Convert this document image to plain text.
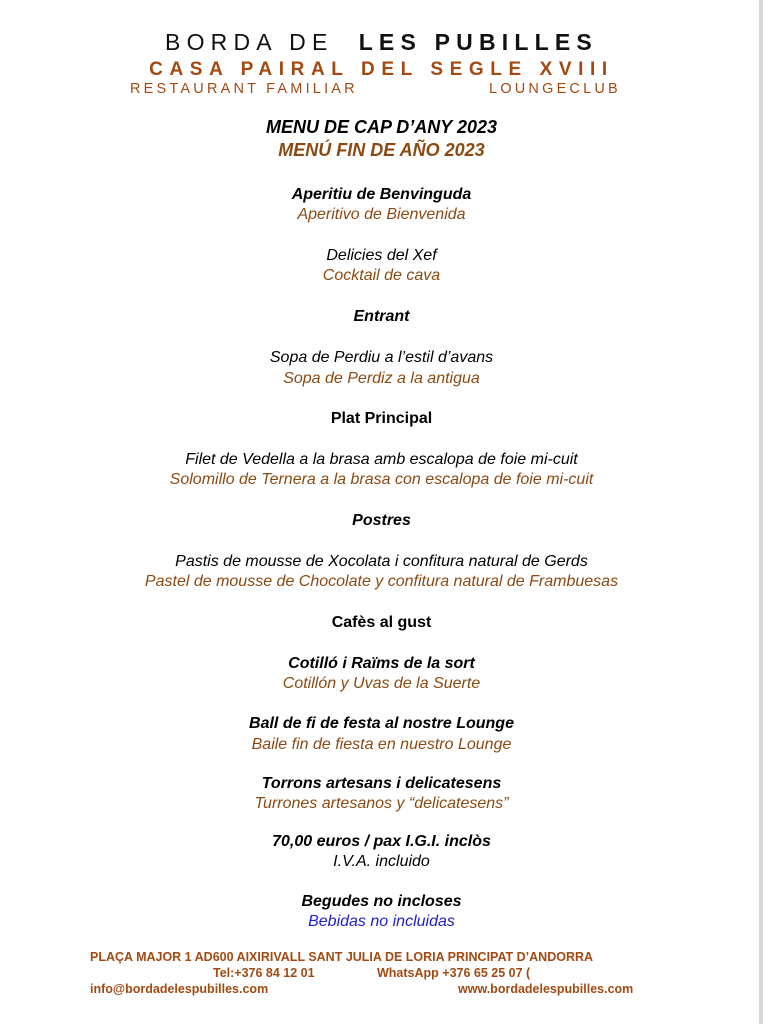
BORDA DE LES PUBILLES
CASA PAIRAL DEL SEGLE XVIII
RESTAURANT FAMILIAR	LOUNGECLUB
MENU DE CAP D’ANY 2023
MENÚ FIN DE AÑO 2023
Aperitiu de Benvinguda
Aperitivo de Bienvenida
Delicies del Xef
Cocktail de cava
Entrant
Sopa de Perdiu a l’estil d’avans
Sopa de Perdiz a la antigua
Plat Principal
Filet de Vedella a la brasa amb escalopa de foie mi-cuit
Solomillo de Ternera a la brasa con escalopa de foie mi-cuit
Postres
Pastis de mousse de Xocolata i confitura natural de Gerds
Pastel de mousse de Chocolate y confitura natural de Frambuesas
Cafès al gust
Cotilló i Raïms de la sort
Cotillón y Uvas de la Suerte
Ball de fi de festa al nostre Lounge
Baile fin de fiesta en nuestro Lounge
Torrons artesans i delicatesens
Turrones artesanos y “delicatesens”
70,00 euros / pax I.G.I. inclòs
I.V.A. incluido
Begudes no incloses
Bebidas no incluidas
PLAÇA MAJOR 1 AD600 AIXIRIVALL SANT JULIA DE LORIA PRINCIPAT D’ANDORRA
Tel:+376 84 12 01	WhatsApp +376 65 25 07 (
info@bordadelespubilles.com	www.bordadelespubilles.com
